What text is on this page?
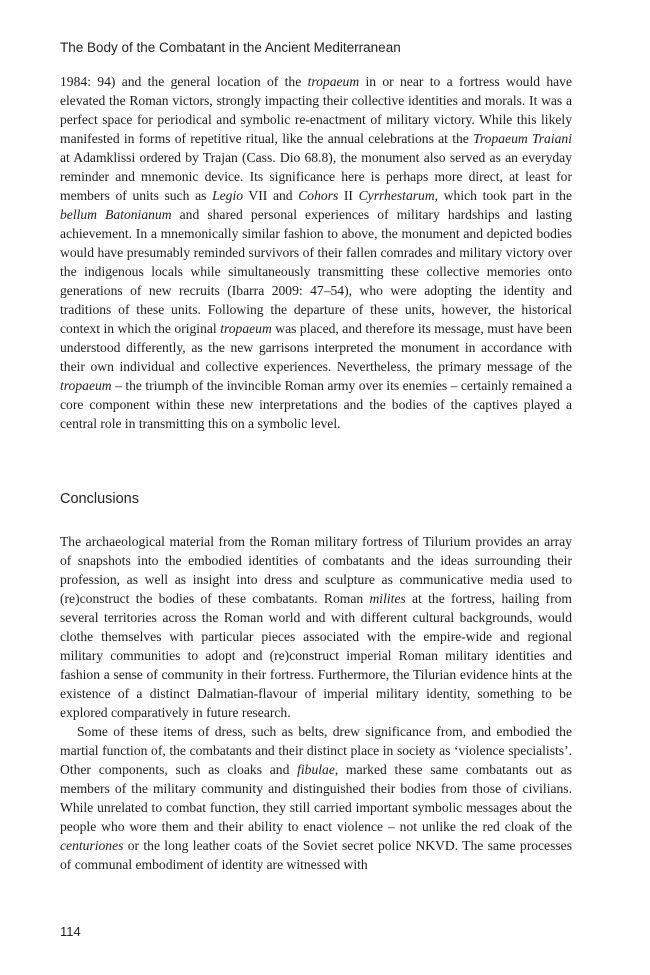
The Body of the Combatant in the Ancient Mediterranean

1984: 94) and the general location of the tropaeum in or near to a fortress would have elevated the Roman victors, strongly impacting their collective identities and morals. It was a perfect space for periodical and symbolic re-enactment of military victory. While this likely manifested in forms of repetitive ritual, like the annual celebrations at the Tropaeum Traiani at Adamklissi ordered by Trajan (Cass. Dio 68.8), the monument also served as an everyday reminder and mnemonic device. Its significance here is perhaps more direct, at least for members of units such as Legio VII and Cohors II Cyrrhestarum, which took part in the bellum Batonianum and shared personal experiences of military hardships and lasting achievement. In a mnemonically similar fashion to above, the monument and depicted bodies would have presumably reminded survivors of their fallen comrades and military victory over the indigenous locals while simultaneously transmitting these collective memories onto generations of new recruits (Ibarra 2009: 47–54), who were adopting the identity and traditions of these units. Following the departure of these units, however, the historical context in which the original tropaeum was placed, and therefore its message, must have been understood differently, as the new garrisons interpreted the monument in accordance with their own individual and collective experiences. Nevertheless, the primary message of the tropaeum – the triumph of the invincible Roman army over its enemies – certainly remained a core component within these new interpretations and the bodies of the captives played a central role in transmitting this on a symbolic level.

Conclusions

The archaeological material from the Roman military fortress of Tilurium provides an array of snapshots into the embodied identities of combatants and the ideas surrounding their profession, as well as insight into dress and sculpture as communicative media used to (re)construct the bodies of these combatants. Roman milites at the fortress, hailing from several territories across the Roman world and with different cultural backgrounds, would clothe themselves with particular pieces associated with the empire-wide and regional military communities to adopt and (re)construct imperial Roman military identities and fashion a sense of community in their fortress. Furthermore, the Tilurian evidence hints at the existence of a distinct Dalmatian-flavour of imperial military identity, something to be explored comparatively in future research.

Some of these items of dress, such as belts, drew significance from, and embodied the martial function of, the combatants and their distinct place in society as ‘violence specialists’. Other components, such as cloaks and fibulae, marked these same combatants out as members of the military community and distinguished their bodies from those of civilians. While unrelated to combat function, they still carried important symbolic messages about the people who wore them and their ability to enact violence – not unlike the red cloak of the centuriones or the long leather coats of the Soviet secret police NKVD. The same processes of communal embodiment of identity are witnessed with

114
